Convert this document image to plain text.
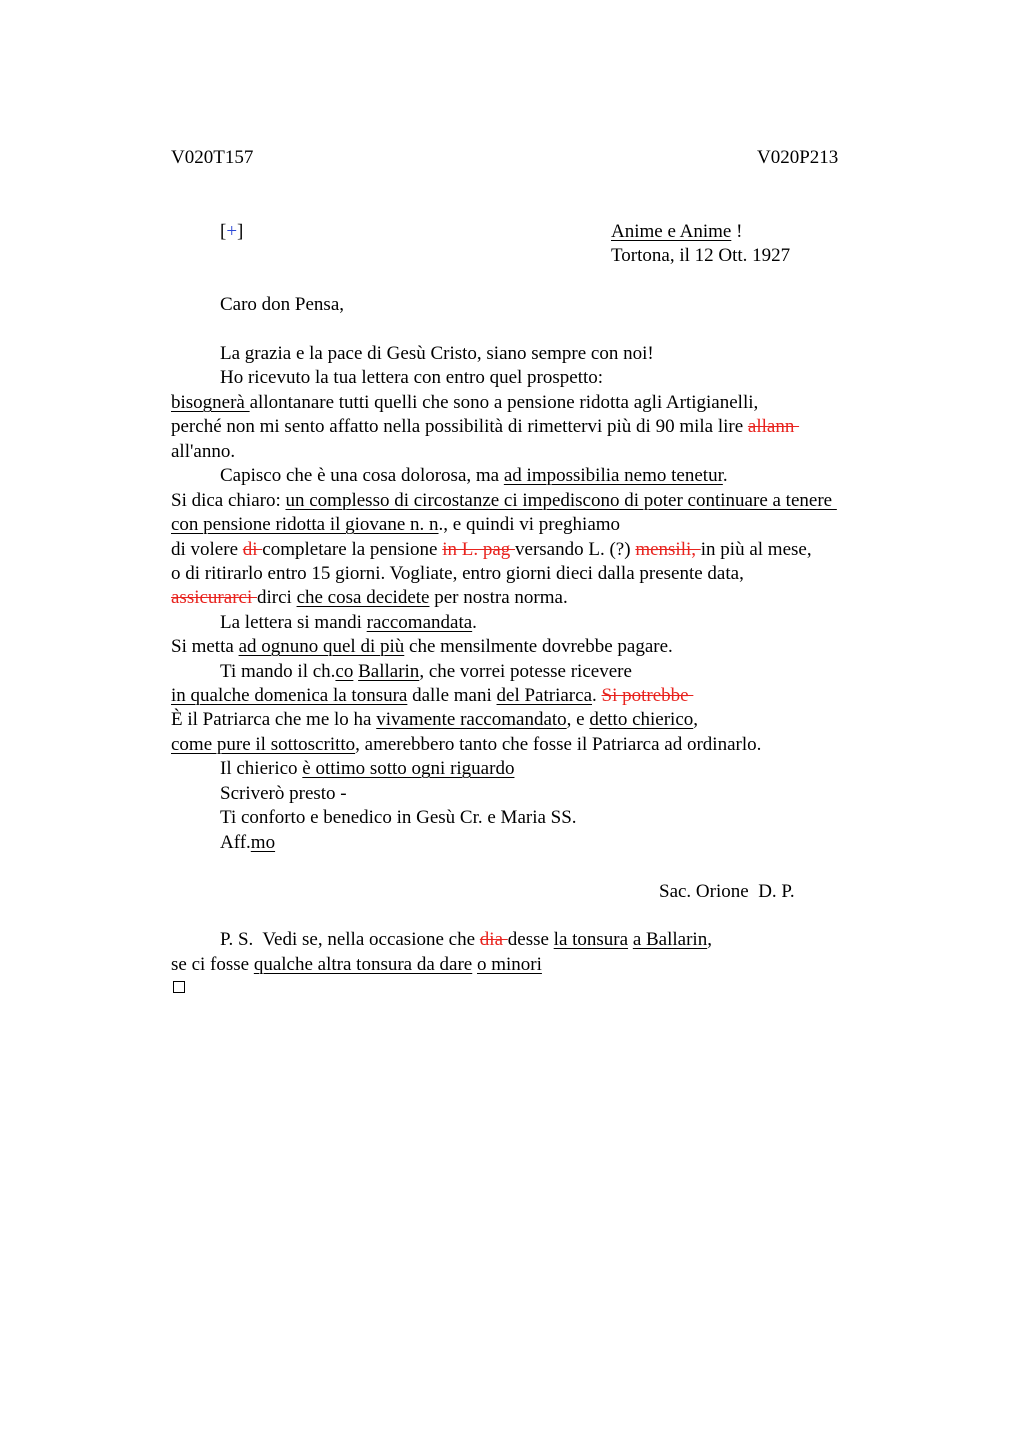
V020T157	V020P213
[+]	Anime e Anime !
Tortona, il 12 Ott. 1927
Caro don Pensa,
La grazia e la pace di Gesù Cristo, siano sempre con noi!
Ho ricevuto la tua lettera con entro quel prospetto:
bisognerà allontanare tutti quelli che sono a pensione ridotta agli Artigianelli,
perché non mi sento affatto nella possibilità di rimettervi più di 90 mila lire allann
all'anno.
Capisco che è una cosa dolorosa, ma ad impossibilia nemo tenetur.
Si dica chiaro: un complesso di circostanze ci impediscono di poter continuare a tenere
con pensione ridotta il giovane n. n., e quindi vi preghiamo
di volere di completare la pensione in L. pag versando L. (?) mensili, in più al mese,
o di ritirarlo entro 15 giorni. Vogliate, entro giorni dieci dalla presente data,
assicurarci dirci che cosa decidete per nostra norma.
La lettera si mandi raccomandata.
Si metta ad ognuno quel di più che mensilmente dovrebbe pagare.
Ti mando il ch.co Ballarin, che vorrei potesse ricevere
in qualche domenica la tonsura dalle mani del Patriarca. Si potrebbe
È il Patriarca che me lo ha vivamente raccomandato, e detto chierico,
come pure il sottoscritto, amerebbero tanto che fosse il Patriarca ad ordinarlo.
Il chierico è ottimo sotto ogni riguardo
Scriverò presto -
Ti conforto e benedico in Gesù Cr. e Maria SS.
Aff.mo
Sac. Orione  D. P.
P. S.  Vedi se, nella occasione che dia desse la tonsura a Ballarin,
se ci fosse qualche altra tonsura da dare o minori
